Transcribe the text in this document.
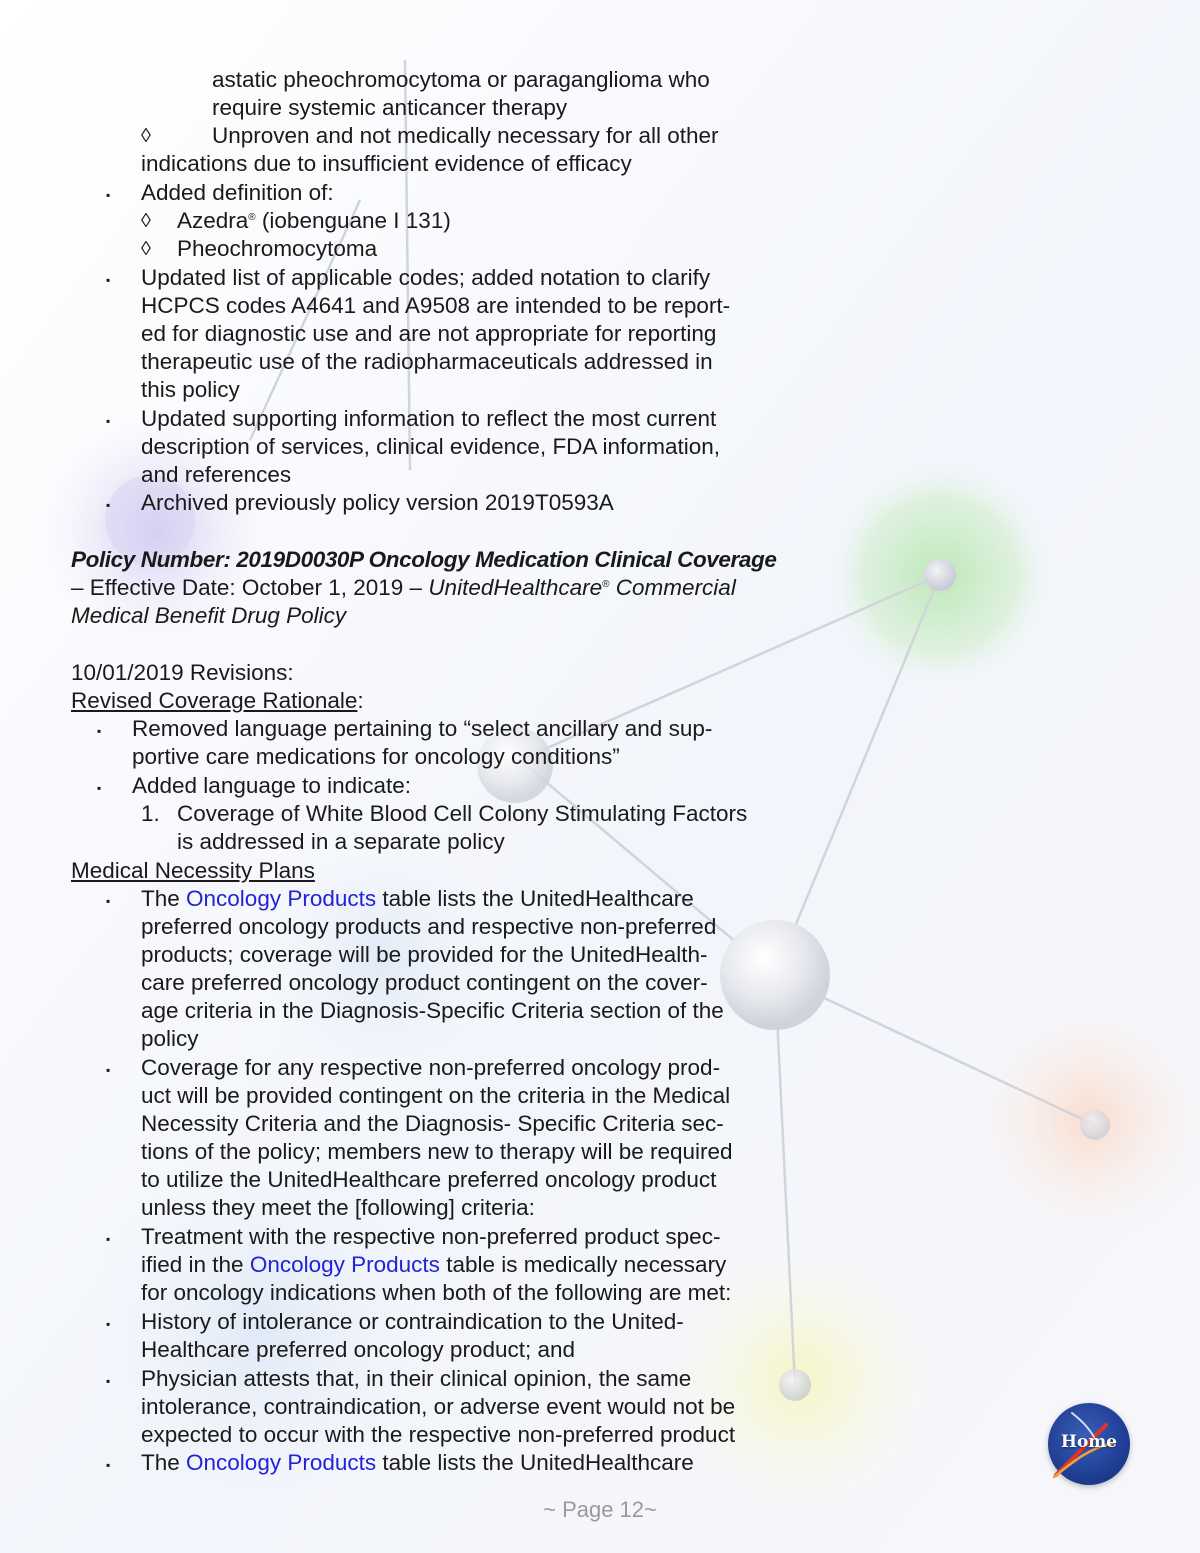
astatic pheochromocytoma or paraganglioma who
require systemic anticancer therapy
◊	Unproven and not medically necessary for all other
indications due to insufficient evidence of efficacy
▪ Added definition of:
◊ Azedra® (iobenguane I 131)
◊ Pheochromocytoma
▪ Updated list of applicable codes; added notation to clarify
HCPCS codes A4641 and A9508 are intended to be report-
ed for diagnostic use and are not appropriate for reporting
therapeutic use of the radiopharmaceuticals addressed in
this policy
▪ Updated supporting information to reflect the most current
description of services, clinical evidence, FDA information,
and references
▪ Archived previously policy version 2019T0593A
Policy Number: 2019D0030P Oncology Medication Clinical Coverage
– Effective Date: October 1, 2019 – UnitedHealthcare® Commercial
Medical Benefit Drug Policy
10/01/2019 Revisions:
Revised Coverage Rationale:
▪ Removed language pertaining to “select ancillary and sup-
portive care medications for oncology conditions”
▪ Added language to indicate:
1. Coverage of White Blood Cell Colony Stimulating Factors
is addressed in a separate policy
Medical Necessity Plans
▪ The Oncology Products table lists the UnitedHealthcare
preferred oncology products and respective non-preferred
products; coverage will be provided for the UnitedHealth-
care preferred oncology product contingent on the cover-
age criteria in the Diagnosis-Specific Criteria section of the
policy
▪ Coverage for any respective non-preferred oncology prod-
uct will be provided contingent on the criteria in the Medical
Necessity Criteria and the Diagnosis- Specific Criteria sec-
tions of the policy; members new to therapy will be required
to utilize the UnitedHealthcare preferred oncology product
unless they meet the [following] criteria:
▪ Treatment with the respective non-preferred product spec-
ified in the Oncology Products table is medically necessary
for oncology indications when both of the following are met:
▪ History of intolerance or contraindication to the United-
Healthcare preferred oncology product; and
▪ Physician attests that, in their clinical opinion, the same
intolerance, contraindication, or adverse event would not be
expected to occur with the respective non-preferred product
▪ The Oncology Products table lists the UnitedHealthcare
~ Page 12~
Home
